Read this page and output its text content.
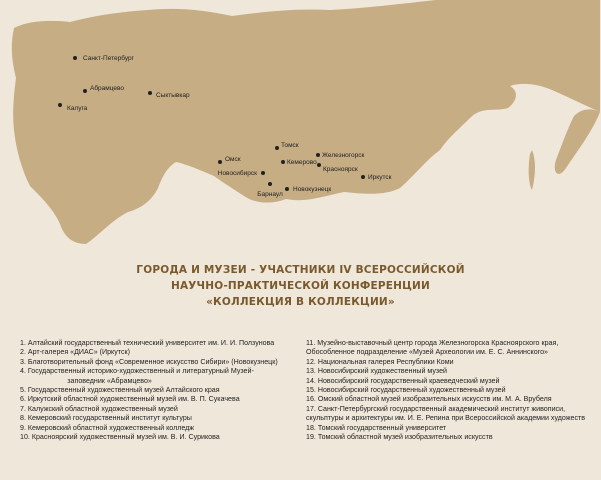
Санкт-Петербург
Абрамцево
Калуга
Сыктывкар
Томск
Железногорск
Омск	Кемерово
Красноярск
Новосибирск
Иркутск
Новокузнецк
Барнаул
ГОРОДА И МУЗЕИ - УЧАСТНИКИ IV ВСЕРОССИЙСКОЙ
НАУЧНО-ПРАКТИЧЕСКОЙ КОНФЕРЕНЦИИ
«КОЛЛЕКЦИЯ В КОЛЛЕКЦИИ»
1. Алтайский государственный технический университет им. И. И. Ползунова
2. Арт-галерея «ДИАС» (Иркутск)
3. Благотворительный фонд «Современное искусство Сибири» (Новокузнецк)
4. Государственный историко-художественный и литературный Музей-                        заповедник «Абрамцево»
5. Государственный художественный музей Алтайского края
6. Иркутский областной художественный музей им. В. П. Сукачева
7. Калужский областной художественный музей
8. Кемеровский государственный институт культуры
9. Кемеровский областной художественный колледж
10. Красноярский художественный музей им. В. И. Сурикова
11. Музейно-выставочный центр города Железногорска Красноярского края, Обособленное подразделение «Музей Археологии им. Е. С. Аннинского»
12. Национальная галерея Республики Коми
13. Новосибирский художественный музей
14. Новосибирский государственный краеведческий музей
15. Новосибирский государственный художественный музей
16. Омский областной музей изобразительных искусств им. М. А. Врубеля
17. Санкт-Петербургский государственный академический институт живописи, скульптуры и архитектуры им. И. Е. Репина при Всероссийской академии художеств
18. Томский государственный университет
19. Томский областной музей изобразительных искусств
